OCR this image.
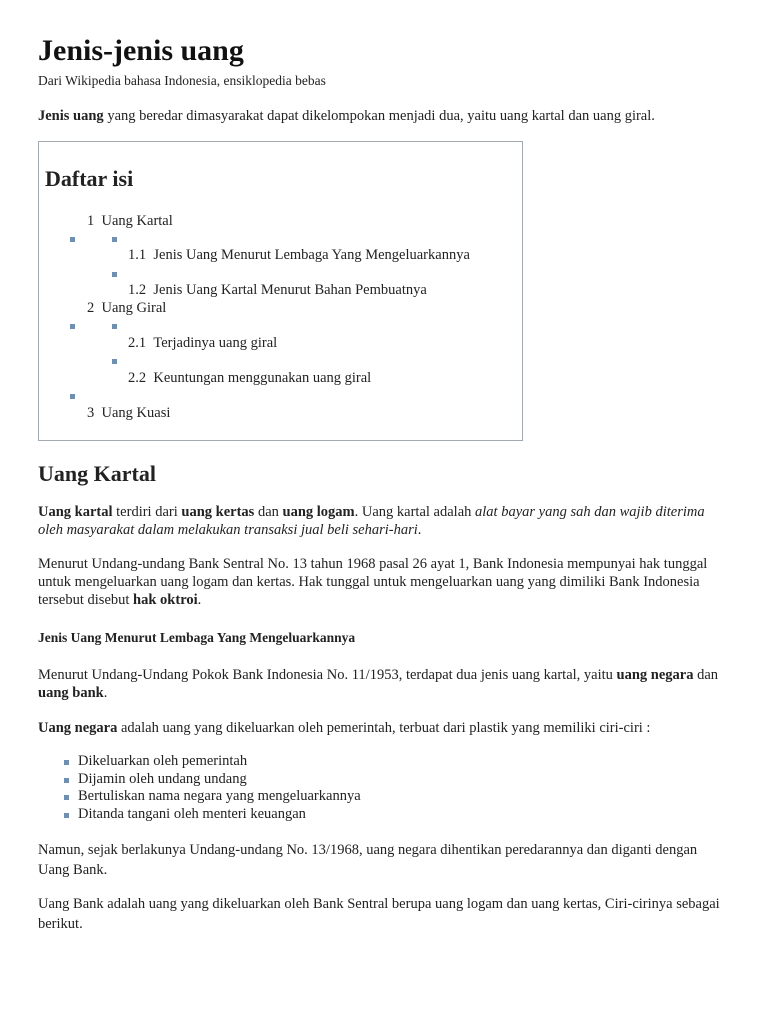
Jenis-jenis uang
Dari Wikipedia bahasa Indonesia, ensiklopedia bebas

Jenis uang yang beredar dimasyarakat dapat dikelompokan menjadi dua, yaitu uang kartal dan uang giral.

Daftar isi
1 Uang Kartal
1.1 Jenis Uang Menurut Lembaga Yang Mengeluarkannya
1.2 Jenis Uang Kartal Menurut Bahan Pembuatnya
2 Uang Giral
2.1 Terjadinya uang giral
2.2 Keuntungan menggunakan uang giral
3 Uang Kuasi
Uang Kartal

Uang kartal terdiri dari uang kertas dan uang logam. Uang kartal adalah alat bayar yang sah dan wajib diterima oleh masyarakat dalam melakukan transaksi jual beli sehari-hari.

Menurut Undang-undang Bank Sentral No. 13 tahun 1968 pasal 26 ayat 1, Bank Indonesia mempunyai hak tunggal untuk mengeluarkan uang logam dan kertas. Hak tunggal untuk mengeluarkan uang yang dimiliki Bank Indonesia tersebut disebut hak oktroi.

Jenis Uang Menurut Lembaga Yang Mengeluarkannya

Menurut Undang-Undang Pokok Bank Indonesia No. 11/1953, terdapat dua jenis uang kartal, yaitu uang negara dan uang bank.

Uang negara adalah uang yang dikeluarkan oleh pemerintah, terbuat dari plastik yang memiliki ciri-ciri :

Dikeluarkan oleh pemerintah
Dijamin oleh undang undang
Bertuliskan nama negara yang mengeluarkannya
Ditanda tangani oleh menteri keuangan

Namun, sejak berlakunya Undang-undang No. 13/1968, uang negara dihentikan peredarannya dan diganti dengan Uang Bank.

Uang Bank adalah uang yang dikeluarkan oleh Bank Sentral berupa uang logam dan uang kertas, Ciri-cirinya sebagai berikut.
